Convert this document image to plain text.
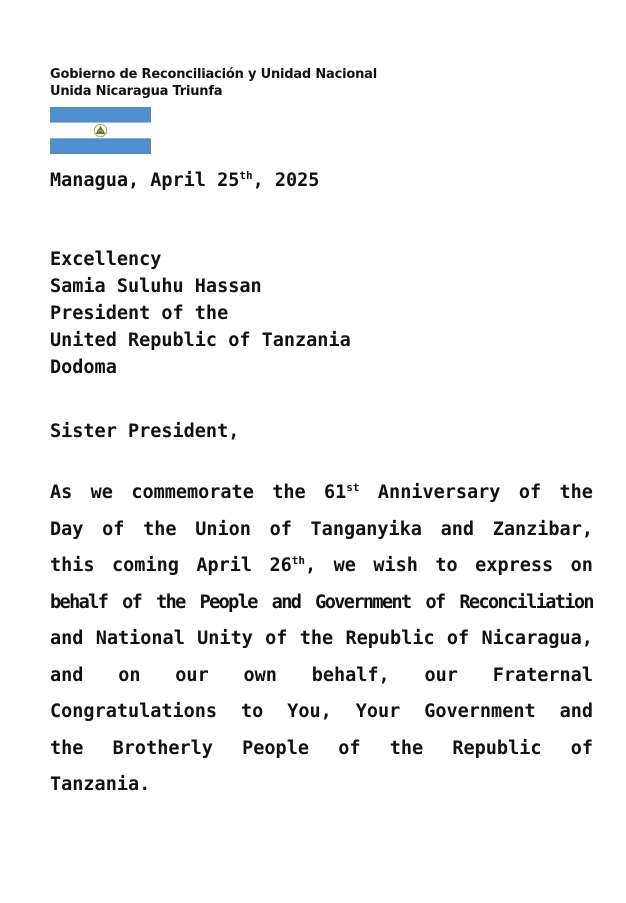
Gobierno de Reconciliación y Unidad Nacional
Unida Nicaragua Triunfa
Managua, April 25th, 2025
Excellency
Samia Suluhu Hassan
President of the
United Republic of Tanzania
Dodoma
Sister President,
As we commemorate the 61st Anniversary of the
Day of the Union of Tanganyika and Zanzibar,
this coming April 26th, we wish to express on
behalf of the People and Government of Reconciliation
and National Unity of the Republic of Nicaragua,
and on our own behalf, our Fraternal
Congratulations to You, Your Government and
the Brotherly People of the Republic of
Tanzania.
